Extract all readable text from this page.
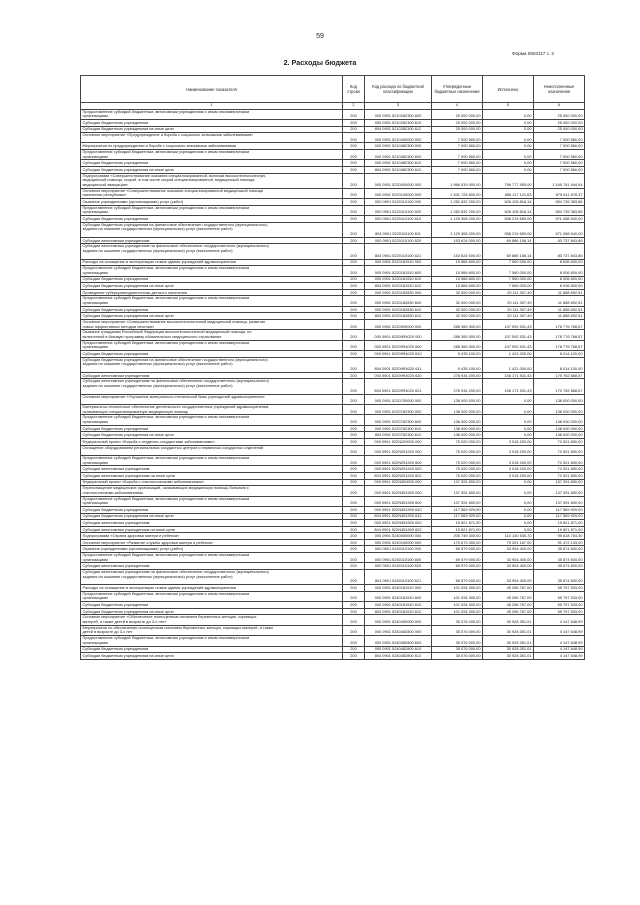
59
Форма 0503117 с. 2
2. Расходы бюджета
Наименование показателя	Код строки	Код расхода по бюджетной классификации	Утвержденные бюджетные назначения	Исполнено	Неисполненные назначения
1	2	3	4	5	6

Предоставление субсидий бюджетным, автономным учреждениям и иным некоммерческим
организациям	200	000 0901 5210282300 600	25 000 000,00	0,00	25 000 000,00

Субсидии бюджетным учреждениям	200	000 0901 5210282300 610	25 000 000,00	0,00	25 000 000,00

Субсидии бюджетным учреждениям на иные цели	200	804 0901 5210282300 612	25 000 000,00	0,00	25 000 000,00

Основное мероприятие «Предупреждение и борьба с социально значимыми заболеваниями»	200	000 0901 5210400000 000	7 000 560,00	0,00	7 000 560,00

Мероприятия по предупреждению и борьбе с социально значимыми заболеваниями	200	000 0901 5210482300 000	7 000 560,00	0,00	7 000 560,00

Предоставление субсидий бюджетным, автономным учреждениям и иным некоммерческим
организациям	200	000 0901 5210482300 600	7 000 560,00	0,00	7 000 560,00

Субсидии бюджетным учреждениям	200	000 0901 5210482300 610	7 000 560,00	0,00	7 000 560,00

Субсидии бюджетным учреждениям на иные цели	200	804 0901 5210482300 612	7 000 560,00	0,00	7 000 560,00

Подпрограмма «Совершенствование оказания специализированной, включая высокотехнологичную,
медицинской помощи, скорой, в том числе скорой специализированной, медицинской помощи,
медицинской эвакуации»	200	000 0901 5220000000 000	1 966 519 900,00	796 777 955,00	1 169 741 944,94

Основное мероприятие «Совершенствование оказания специализированной медицинской помощи
населению республики»	200	000 0901 5220100000 000	1 531 728 800,00	856 117 121,63	675 611 678,37

Оказание учреждениями (организациями) услуг (работ)	200	000 0901 5220110100 000	1 282 832 200,00	628 105 816,14	654 726 383,86

Предоставление субсидий бюджетным, автономным учреждениям и иным некоммерческим
организациям	200	000 0901 5220110100 600	1 282 832 200,00	628 105 816,14	654 726 383,86

Субсидии бюджетным учреждениям	200	000 0901 5220110100 610	1 129 308 200,00	558 219 659,00	571 088 540,00

Субсидии бюджетным учреждениям на финансовое обеспечение государственного (муниципального)
задания на оказание государственных (муниципальных) услуг (выполнение работ)	200	804 0901 5220110100 611	1 129 308 200,00	558 219 659,00	571 088 540,00

Субсидии автономным учреждениям	200	000 0901 5220110100 620	153 624 000,00	69 886 156,14	83 737 843,86

Субсидии автономным учреждениям на финансовое обеспечение государственного (муниципального)
задания на оказание государственных (муниципальных) услуг (выполнение работ)	200	804 0901 5220110100 621	153 624 000,00	69 886 156,14	83 737 843,86

Расходы на оснащение в эксплуатацию новые здания учреждений здравоохранения	200	000 0901 5220181510 000	15 566 600,00	7 560 000,00	8 006 600,00

Предоставление субсидий бюджетным, автономным учреждениям и иным некоммерческим
организациям	200	000 0901 5220181510 600	15 566 600,00	7 560 000,00	8 006 600,00

Субсидии бюджетным учреждениям	200	000 0901 5220181510 610	15 566 600,00	7 560 000,00	8 006 600,00

Субсидии бюджетным учреждениям на иные цели	200	804 0901 5220181510 612	15 566 600,00	7 560 000,00	8 006 600,00

Проведение туберкулинодиагностики детского населения	200	000 0901 5220182830 000	32 000 000,00	20 111 307,49	11 888 692,51

Предоставление субсидий бюджетным, автономным учреждениям и иным некоммерческим
организациям	200	000 0901 5220182830 600	32 000 000,00	20 111 307,49	11 888 692,51

Субсидии бюджетным учреждениям	200	000 0901 5220182830 610	32 000 000,00	20 111 307,49	11 888 692,51

Субсидии бюджетным учреждениям на иные цели	200	804 0901 5220182830 612	32 000 000,00	20 111 307,49	11 888 692,51

Основное мероприятие «Совершенствование высокотехнологичной медицинской помощи, развитие
новых эффективных методов лечения»	200	000 0901 5220900000 000	286 369 300,00	107 592 531,43	178 776 768,57

Оказание гражданам Российской Федерации высокотехнологичной медицинской помощи, не
включенной в базовую программу обязательного медицинского страхования	200	000 0901 52209R4020 000	286 369 300,00	107 592 531,43	178 776 768,57

Предоставление субсидий бюджетным, автономным учреждениям и иным некоммерческим
организациям	200	000 0901 52209R4020 600	286 369 300,00	107 592 531,43	178 776 768,57

Субсидии бюджетным учреждениям	200	000 0901 52209R4020 610	9 435 100,00	1 421 000,00	8 014 100,00

Субсидии бюджетным учреждениям на финансовое обеспечение государственного (муниципального)
задания на оказание государственных (муниципальных) услуг (выполнение работ)	200	804 0901 52209R4020 611	9 435 100,00	1 421 000,00	8 014 100,00

Субсидии автономным учреждениям	200	000 0901 52209R4020 620	276 934 200,00	106 171 531,43	170 762 668,57

Субсидии автономным учреждениям на финансовое обеспечение государственного (муниципального)
задания на оказание государственных (муниципальных) услуг (выполнение работ)	200	804 0901 52209R4020 621	276 934 200,00	106 171 531,43	170 762 668,57

Основное мероприятие «Улучшение материально-технической базы учреждений здравоохранения»	200	000 0901 5220700000 000	138 000 000,00	0,00	138 000 000,00

Материально-техническое обеспечение деятельности государственных учреждений здравоохранения,
оказывающих специализированную медицинскую помощь	200	000 0901 5220782300 000	138 000 000,00	0,00	138 000 000,00

Предоставление субсидий бюджетным, автономным учреждениям и иным некоммерческим
организациям	200	000 0901 5220782300 600	138 000 000,00	0,00	138 000 000,00

Субсидии бюджетным учреждениям	200	000 0901 5220782300 610	138 000 000,00	0,00	138 000 000,00

Субсидии бюджетным учреждениям на иные цели	200	804 0901 5220782300 612	138 000 000,00	0,00	138 000 000,00

Федеральный проект «Борьба с сердечно-сосудистыми заболеваниями»	200	000 0901 522N200000 000	75 020 000,00	3 018 200,00	72 001 800,00

Оснащение оборудованием региональных сосудистых центров и первичных сосудистых отделений	200	000 0901 522N251920 000	75 020 000,00	3 018 200,00	72 001 800,00

Предоставление субсидий бюджетным, автономным учреждениям и иным некоммерческим
организациям	200	000 0901 522N251920 600	75 020 000,00	3 018 200,00	72 001 800,00

Субсидии автономным учреждениям	200	000 0901 522N251920 620	75 020 000,00	3 018 200,00	72 001 800,00

Субсидии автономным учреждениям на иные цели	200	804 0901 522N251920 622	75 020 000,00	3 018 200,00	72 001 800,00

Федеральный проект «Борьба с онкологическими заболеваниями»	200	000 0901 522N300000 000	137 391 800,00	0,00	137 391 800,00

Переоснащение медицинских организаций, оказывающих медицинскую помощь больным с
онкологическими заболеваниями	200	000 0901 522N351900 000	137 391 800,00	0,00	137 391 800,00

Предоставление субсидий бюджетным, автономным учреждениям и иным некоммерческим
организациям	200	000 0901 522N351900 600	137 391 800,00	0,00	137 391 800,00

Субсидии бюджетным учреждениям	200	000 0901 522N351900 610	117 569 929,00	0,00	117 569 929,00

Субсидии бюджетным учреждениям на иные цели	200	804 0901 522N351900 612	117 569 929,00	0,00	117 569 929,00

Субсидии автономным учреждениям	200	000 0901 522N351900 620	19 821 871,00	0,00	19 821 871,00

Субсидии автономным учреждениям на иные цели	200	804 0901 522N351900 622	19 821 871,00	0,00	19 821 871,00

Подпрограмма «Охрана здоровья матери и ребенка»	200	000 0901 5240000000 000	205 749 300,00	110 130 545,70	95 618 754,30

Основное мероприятие «Развитие службы здоровья матери и ребенка»	200	000 0901 5240100000 000	170 673 300,00	79 201 167,00	91 472 133,00

Оказание учреждениями (организациями) услуг (работ)	200	000 0901 5240110100 000	69 579 000,00	33 904 400,00	35 674 600,00

Предоставление субсидий бюджетным, автономным учреждениям и иным некоммерческим
организациям	200	000 0901 5240110100 600	69 579 000,00	33 904 400,00	35 674 600,00

Субсидии автономным учреждениям	200	000 0901 5240110100 620	69 579 000,00	33 904 400,00	35 674 600,00

Субсидии автономным учреждениям на финансовое обеспечение государственного (муниципального)
задания на оказание государственных (муниципальных) услуг (выполнение работ)	200	804 0901 5240110100 621	69 579 000,00	33 904 400,00	35 674 600,00

Расходы на оснащение в эксплуатацию новые здания учреждений здравоохранения	200	000 0901 5240181510 000	101 094 300,00	45 296 767,00	55 797 533,00

Предоставление субсидий бюджетным, автономным учреждениям и иным некоммерческим
организациям	200	000 0901 5240181510 600	101 094 300,00	45 296 767,00	55 797 533,00

Субсидии бюджетным учреждениям	200	000 0901 5240181510 610	101 094 300,00	45 296 767,00	55 797 533,00

Субсидии бюджетным учреждениям на иные цели	200	804 0901 5240181510 612	101 094 300,00	45 296 767,00	55 797 533,00

Основное мероприятие «Обеспечение полноценным питанием беременных женщин, кормящих
матерей, а также детей в возрасте до 3-х лет»	200	000 0901 5240400000 000	35 076 000,00	30 928 351,01	4 147 648,99

Мероприятия по обеспечению полноценным питанием беременных женщин, кормящих матерей, а также
детей в возрасте до 3-х лет	200	000 0901 5240482800 000	35 076 000,00	30 928 351,01	4 147 648,99

Предоставление субсидий бюджетным, автономным учреждениям и иным некоммерческим
организациям	200	000 0901 5240482800 600	35 076 000,00	30 928 351,01	4 147 648,99

Субсидии бюджетным учреждениям	200	000 0901 5240482800 610	35 076 000,00	30 928 351,01	4 147 648,99

Субсидии бюджетным учреждениям на иные цели	200	804 0901 5240482800 612	35 076 000,00	30 928 351,01	4 147 648,99
